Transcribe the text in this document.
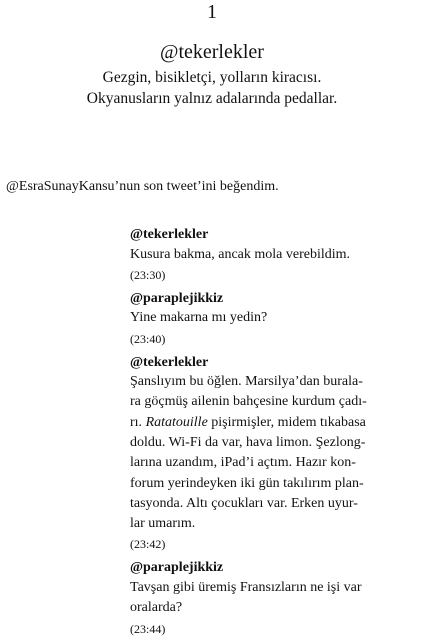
1
@tekerlekler
Gezgin, bisikletçi, yolların kiracısı.
Okyanusların yalnız adalarında pedallar.
@EsraSunayKansu’nun son tweet’ini beğendim.
@tekerlekler
Kusura bakma, ancak mola verebildim.
(23:30)
@paraplejikkiz
Yine makarna mı yedin?
(23:40)
@tekerlekler
Şanslıyım bu öğlen. Marsilya’dan burala-
ra göçmüş ailenin bahçesine kurdum çadı-
rı. Ratatouille pişirmişler, midem tıkabasa
doldu. Wi-Fi da var, hava limon. Şezlong-
larına uzandım, iPad’i açtım. Hazır kon-
forum yerindeyken iki gün takılırım plan-
tasyonda. Altı çocukları var. Erken uyur-
lar umarım.
(23:42)
@paraplejikkiz
Tavşan gibi üremiş Fransızların ne işi var
oralarda?
(23:44)
